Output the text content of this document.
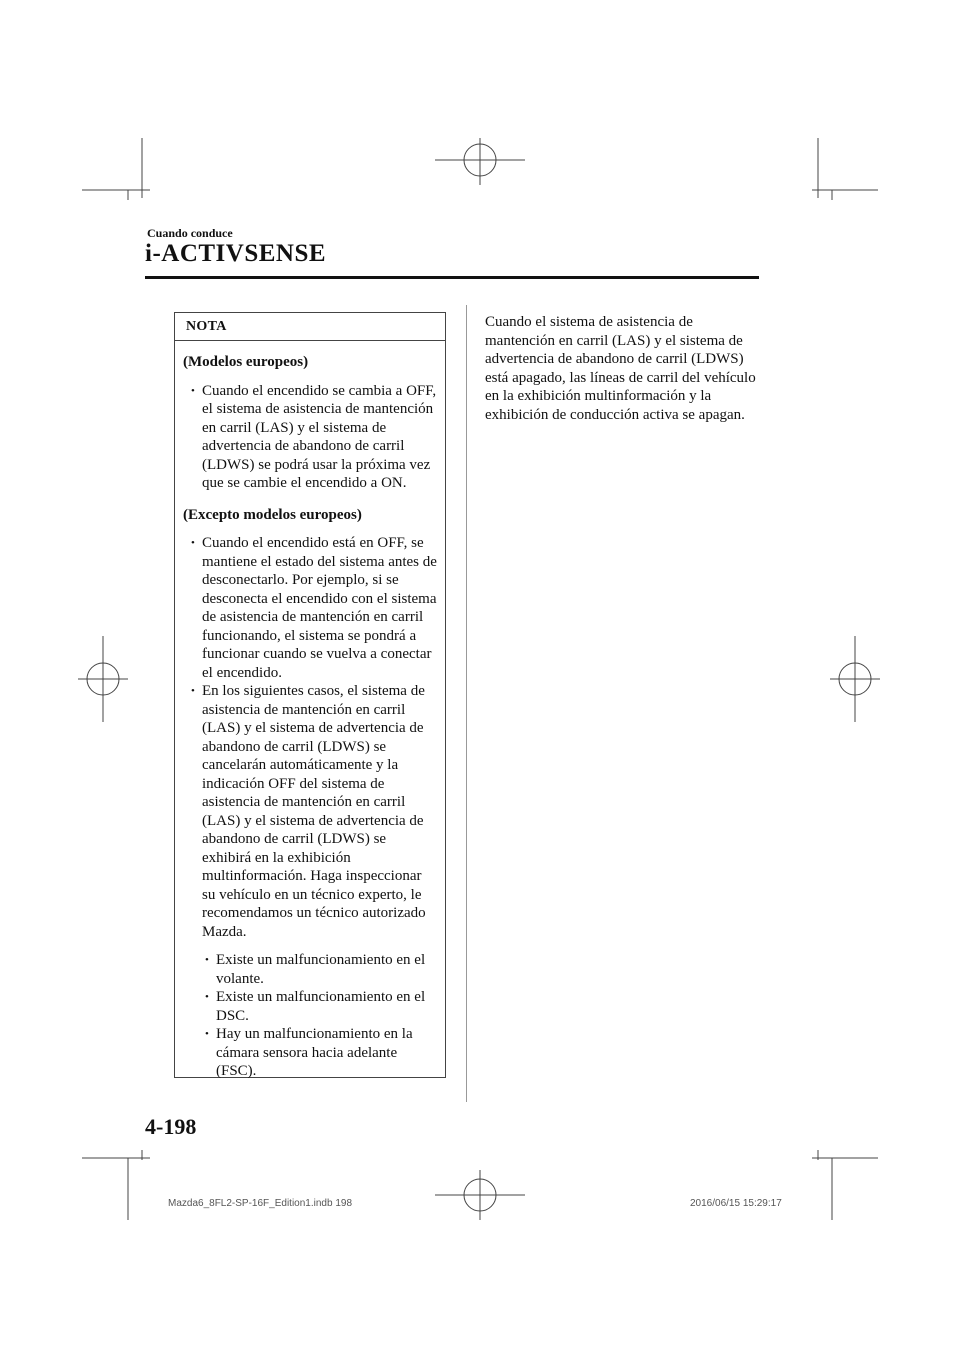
Cuando conduce
i-ACTIVSENSE
NOTA

(Modelos europeos)

• Cuando el encendido se cambia a OFF, el sistema de asistencia de mantención en carril (LAS) y el sistema de advertencia de abandono de carril (LDWS) se podrá usar la próxima vez que se cambie el encendido a ON.

(Excepto modelos europeos)

• Cuando el encendido está en OFF, se mantiene el estado del sistema antes de desconectarlo. Por ejemplo, si se desconecta el encendido con el sistema de asistencia de mantención en carril funcionando, el sistema se pondrá a funcionar cuando se vuelva a conectar el encendido.
• En los siguientes casos, el sistema de asistencia de mantención en carril (LAS) y el sistema de advertencia de abandono de carril (LDWS) se cancelarán automáticamente y la indicación OFF del sistema de asistencia de mantención en carril (LAS) y el sistema de advertencia de abandono de carril (LDWS) se exhibirá en la exhibición multinformación. Haga inspeccionar su vehículo en un técnico experto, le recomendamos un técnico autorizado Mazda.
• Existe un malfuncionamiento en el volante.
• Existe un malfuncionamiento en el DSC.
• Hay un malfuncionamiento en la cámara sensora hacia adelante (FSC).

Cuando el sistema de asistencia de mantención en carril (LAS) y el sistema de advertencia de abandono de carril (LDWS) está apagado, las líneas de carril del vehículo en la exhibición multinformación y la exhibición de conducción activa se apagan.

4-198
Mazda6_8FL2-SP-16F_Edition1.indb 198	2016/06/15 15:29:17
